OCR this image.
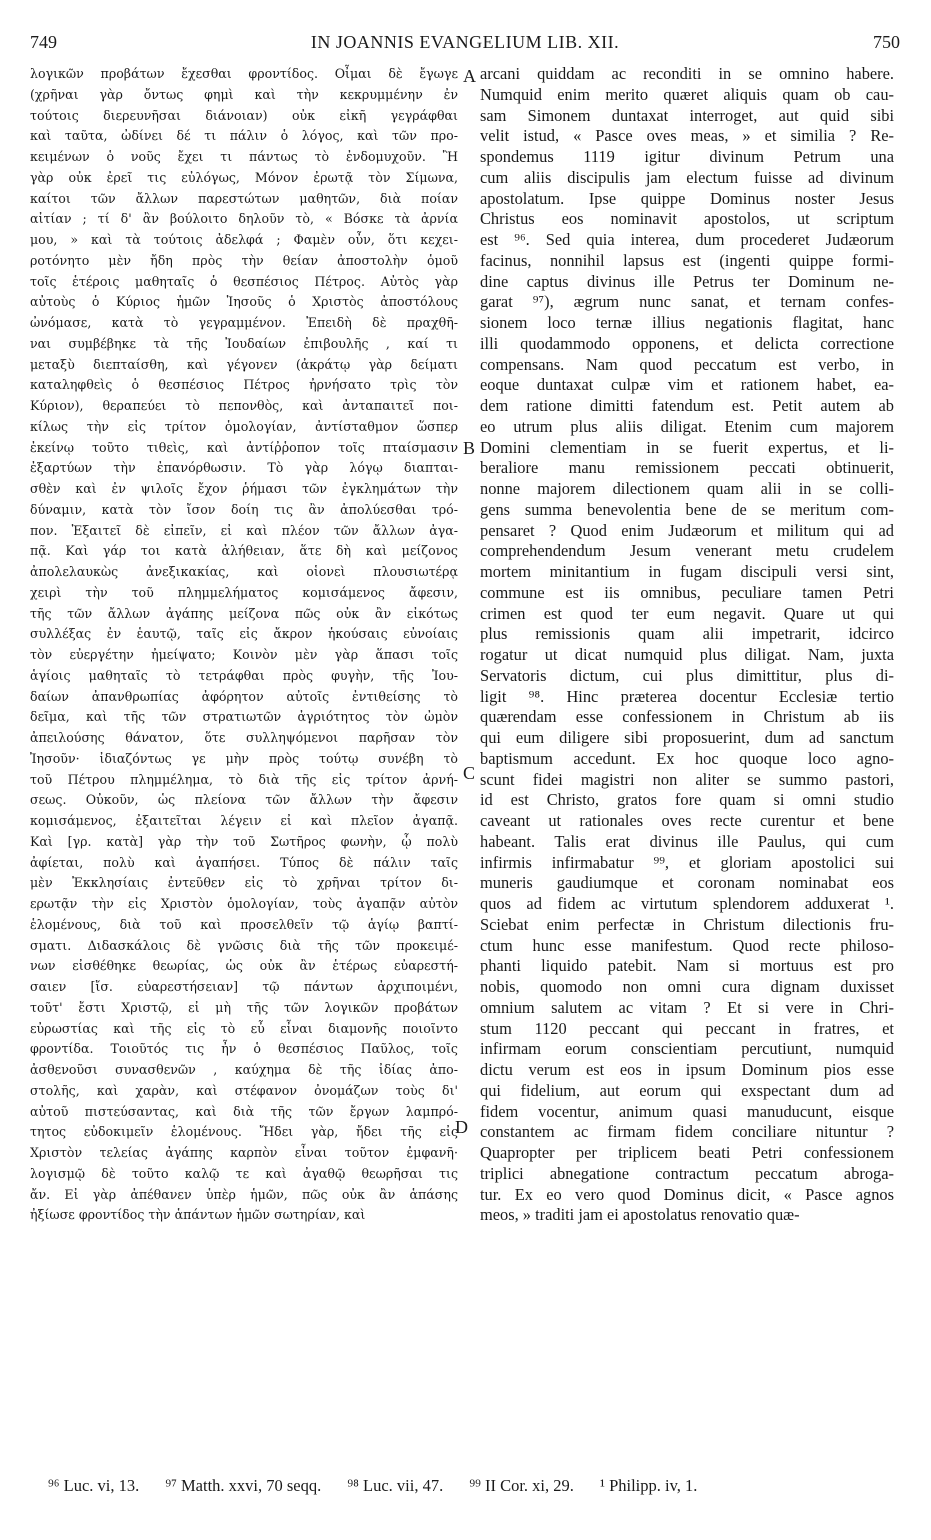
749	IN JOANNIS EVANGELIUM LIB. XII.	750
λογικῶν προβάτων ἔχεσθαι φροντίδος. Οἶμαι δὲ ἔγωγε
(χρῆναι γὰρ ὄντως φημὶ καὶ τὴν κεκρυμμένην ἐν
τούτοις διερευνῆσαι διάνοιαν) οὐκ εἰκῆ γεγράφθαι
καὶ ταῦτα, ὠδίνει δέ τι πάλιν ὁ λόγος, καὶ τῶν προ-
κειμένων ὁ νοῦς ἔχει τι πάντως τὸ ἐνδομυχοῦν. Ἢ
γὰρ οὐκ ἐρεῖ τις εὐλόγως, Μόνον ἐρωτᾷ τὸν Σίμωνα,
καίτοι τῶν ἄλλων παρεστώτων μαθητῶν, διὰ ποίαν
αἰτίαν ; τί δ' ἂν βούλοιτο δηλοῦν τὸ, « Βόσκε τὰ ἀρνία
μου, » καὶ τὰ τούτοις ἀδελφά ; Φαμὲν οὖν, ὅτι κεχει-
ροτόνητο μὲν ἤδη πρὸς τὴν θείαν ἀποστολὴν ὁμοῦ
τοῖς ἑτέροις μαθηταῖς ὁ θεσπέσιος Πέτρος. Αὐτὸς γὰρ
αὐτοὺς ὁ Κύριος ἡμῶν Ἰησοῦς ὁ Χριστὸς ἀποστόλους
ὠνόμασε, κατὰ τὸ γεγραμμένον. Ἐπειδὴ δὲ πραχθῆ-
ναι συμβέβηκε τὰ τῆς Ἰουδαίων ἐπιβουλῆς , καί τι
μεταξὺ διεπταίσθη, καὶ γέγονεν (ἀκράτῳ γὰρ δείματι
καταληφθεὶς ὁ θεσπέσιος Πέτρος ἠρνήσατο τρὶς τὸν
Κύριον), θεραπεύει τὸ πεπονθὸς, καὶ ἀνταπαιτεῖ ποι-
κίλως τὴν εἰς τρίτον ὁμολογίαν, ἀντίσταθμον ὥσπερ
ἐκείνῳ τοῦτο τιθεὶς, καὶ ἀντίῤῥοπον τοῖς πταίσμασιν
ἐξαρτύων τὴν ἐπανόρθωσιν. Τὸ γὰρ λόγῳ διαπται-
σθὲν καὶ ἐν ψιλοῖς ἔχον ῥήμασι τῶν ἐγκλημάτων τὴν
δύναμιν, κατὰ τὸν ἴσον δοίη τις ἂν ἀπολύεσθαι τρό-
πον. Ἐξαιτεῖ δὲ εἰπεῖν, εἰ καὶ πλέον τῶν ἄλλων ἀγα-
πᾷ. Καὶ γάρ τοι κατὰ ἀλήθειαν, ἅτε δὴ καὶ μείζονος
ἀπολελαυκὼς ἀνεξικακίας, καὶ οἱονεὶ πλουσιωτέρᾳ
χειρὶ τὴν τοῦ πλημμελήματος κομισάμενος ἄφεσιν,
τῆς τῶν ἄλλων ἀγάπης μείζονα πῶς οὐκ ἂν εἰκότως
συλλέξας ἐν ἑαυτῷ, ταῖς εἰς ἄκρον ἡκούσαις εὐνοίαις
τὸν εὐεργέτην ἠμείψατο; Κοινὸν μὲν γὰρ ἅπασι τοῖς
ἁγίοις μαθηταῖς τὸ τετράφθαι πρὸς φυγὴν, τῆς Ἰου-
δαίων ἀπανθρωπίας ἀφόρητον αὐτοῖς ἐντιθείσης τὸ
δεῖμα, καὶ τῆς τῶν στρατιωτῶν ἀγριότητος τὸν ὠμὸν
ἀπειλούσης θάνατον, ὅτε συλληψόμενοι παρῆσαν τὸν
Ἰησοῦν· ἰδιαζόντως γε μὴν πρὸς τούτῳ συνέβη τὸ
τοῦ Πέτρου πλημμέλημα, τὸ διὰ τῆς εἰς τρίτον ἀρνή-
σεως. Οὐκοῦν, ὡς πλείονα τῶν ἄλλων τὴν ἄφεσιν
κομισάμενος, ἐξαιτεῖται λέγειν εἰ καὶ πλεῖον ἀγαπᾷ.
Καὶ [γρ. κατὰ] γὰρ τὴν τοῦ Σωτῆρος φωνὴν, ᾧ πολὺ
ἀφίεται, πολὺ καὶ ἀγαπήσει. Τύπος δὲ πάλιν ταῖς
μὲν Ἐκκλησίαις ἐντεῦθεν εἰς τὸ χρῆναι τρίτον δι-
ερωτᾷν τὴν εἰς Χριστὸν ὁμολογίαν, τοὺς ἀγαπᾷν αὐτὸν
ἑλομένους, διὰ τοῦ καὶ προσελθεῖν τῷ ἁγίῳ βαπτί-
σματι. Διδασκάλοις δὲ γνῶσις διὰ τῆς τῶν προκειμέ-
νων εἰσθέθηκε θεωρίας, ὡς οὐκ ἂν ἑτέρως εὐαρεστή-
σαιεν [ἴσ. εὐαρεστήσειαν] τῷ πάντων ἀρχιποιμένι,
τοῦτ' ἔστι Χριστῷ, εἰ μὴ τῆς τῶν λογικῶν προβάτων
εὐρωστίας καὶ τῆς εἰς τὸ εὖ εἶναι διαμονῆς ποιοῖντο
φροντίδα. Τοιοῦτός τις ἦν ὁ θεσπέσιος Παῦλος, τοῖς
ἀσθενοῦσι συνασθενῶν , καύχημα δὲ τῆς ἰδίας ἀπο-
στολῆς, καὶ χαρὰν, καὶ στέφανον ὀνομάζων τοὺς δι'
αὐτοῦ πιστεύσαντας, καὶ διὰ τῆς τῶν ἔργων λαμπρό-
τητος εὐδοκιμεῖν ἑλομένους. Ἤδει γὰρ, ἤδει τῆς εἰς
Χριστὸν τελείας ἀγάπης καρπὸν εἶναι τοῦτον ἐμφανῆ·
λογισμῷ δὲ τοῦτο καλῷ τε καὶ ἀγαθῷ θεωρῆσαι τις
ἄν. Εἰ γὰρ ἀπέθανεν ὑπὲρ ἡμῶν, πῶς οὐκ ἂν ἁπάσης
ἠξίωσε φροντίδος τὴν ἁπάντων ἡμῶν σωτηρίαν, καὶ
arcani quiddam ac reconditi in se omnino habere.
Numquid enim merito quæret aliquis quam ob cau-
sam Simonem duntaxat interroget, aut quid sibi
velit istud, « Pasce oves meas, » et similia ? Re-
spondemus 1119 igitur divinum Petrum una
cum aliis discipulis jam electum fuisse ad divinum
apostolatum. Ipse quippe Dominus noster Jesus
Christus eos nominavit apostolos, ut scriptum
est ⁹⁶. Sed quia interea, dum procederet Judæorum
facinus, nonnihil lapsus est (ingenti quippe formi-
dine captus divinus ille Petrus ter Dominum ne-
garat ⁹⁷), ægrum nunc sanat, et ternam confes-
sionem loco ternæ illius negationis flagitat, hanc
illi quodammodo opponens, et delicta correctione
compensans. Nam quod peccatum est verbo, in
eoque duntaxat culpæ vim et rationem habet, ea-
dem ratione dimitti fatendum est. Petit autem ab
eo utrum plus aliis diligat. Etenim cum majorem
Domini clementiam in se fuerit expertus, et li-
beraliore manu remissionem peccati obtinuerit,
nonne majorem dilectionem quam alii in se colli-
gens summa benevolentia bene de se meritum com-
pensaret ? Quod enim Judæorum et militum qui ad
comprehendendum Jesum venerant metu crudelem
mortem minitantium in fugam discipuli versi sint,
commune est iis omnibus, peculiare tamen Petri
crimen est quod ter eum negavit. Quare ut qui
plus remissionis quam alii impetrarit, idcirco
rogatur ut dicat numquid plus diligat. Nam, juxta
Servatoris dictum, cui plus dimittitur, plus di-
ligit ⁹⁸. Hinc præterea docentur Ecclesiæ tertio
quærendam esse confessionem in Christum ab iis
qui eum diligere sibi proposuerint, dum ad sanctum
baptismum accedunt. Ex hoc quoque loco agno-
scunt fidei magistri non aliter se summo pastori,
id est Christo, gratos fore quam si omni studio
caveant ut rationales oves recte curentur et bene
habeant. Talis erat divinus ille Paulus, qui cum
infirmis infirmabatur ⁹⁹, et gloriam apostolici sui
muneris gaudiumque et coronam nominabat eos
quos ad fidem ac virtutum splendorem adduxerat ¹.
Sciebat enim perfectæ in Christum dilectionis fru-
ctum hunc esse manifestum. Quod recte philoso-
phanti liquido patebit. Nam si mortuus est pro
nobis, quomodo non omni cura dignam duxisset
omnium salutem ac vitam ? Et si vere in Chri-
stum 1120 peccant qui peccant in fratres, et
infirmam eorum conscientiam percutiunt, numquid
dictu verum est eos in ipsum Dominum pios esse
qui fidelium, aut eorum qui exspectant dum ad
fidem vocentur, animum quasi manuducunt, eisque
constantem ac firmam fidem conciliare nituntur ?
Quapropter per triplicem beati Petri confessionem
triplici abnegatione contractum peccatum abroga-
tur. Ex eo vero quod Dominus dicit, « Pasce agnos
meos, » traditi jam ei apostolatus renovatio quæ-
A
B
C
D
⁹⁶ Luc. vi, 13. ⁹⁷ Matth. xxvi, 70 seqq. ⁹⁸ Luc. vii, 47. ⁹⁹ II Cor. xi, 29. ¹ Philipp. iv, 1.
